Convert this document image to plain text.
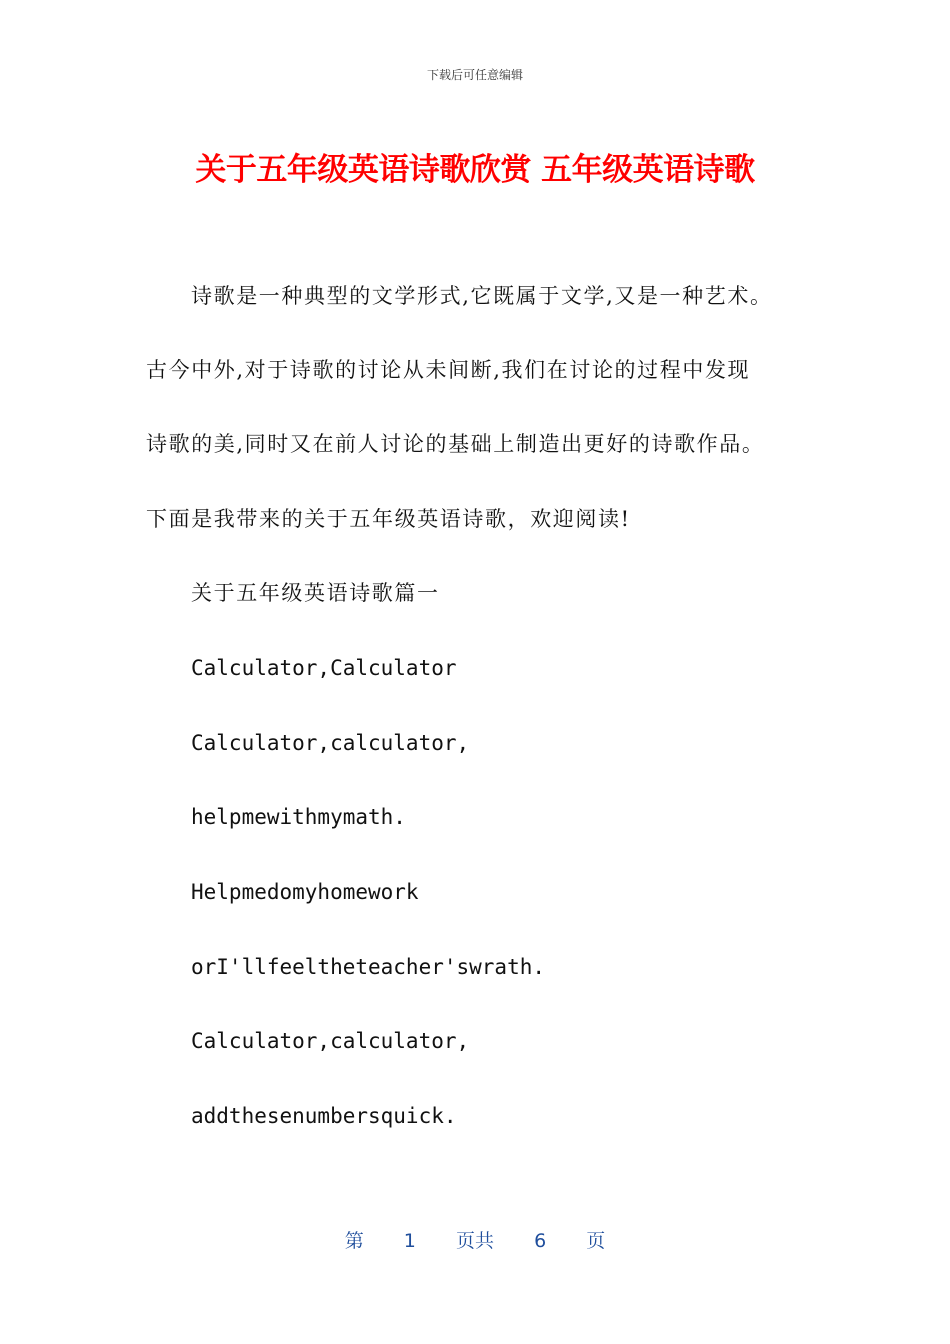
下载后可任意编辑
关于五年级英语诗歌欣赏 五年级英语诗歌
诗歌是一种典型的文学形式,它既属于文学,又是一种艺术。
古今中外,对于诗歌的讨论从未间断,我们在讨论的过程中发现
诗歌的美,同时又在前人讨论的基础上制造出更好的诗歌作品。
下面是我带来的关于五年级英语诗歌，欢迎阅读!
关于五年级英语诗歌篇一
Calculator,Calculator
Calculator,calculator,
helpmewithmymath.
Helpmedomyhomework
orI'llfeeltheteacher'swrath.
Calculator,calculator,
addthesenumbersquick.
第 1 页共 6 页
